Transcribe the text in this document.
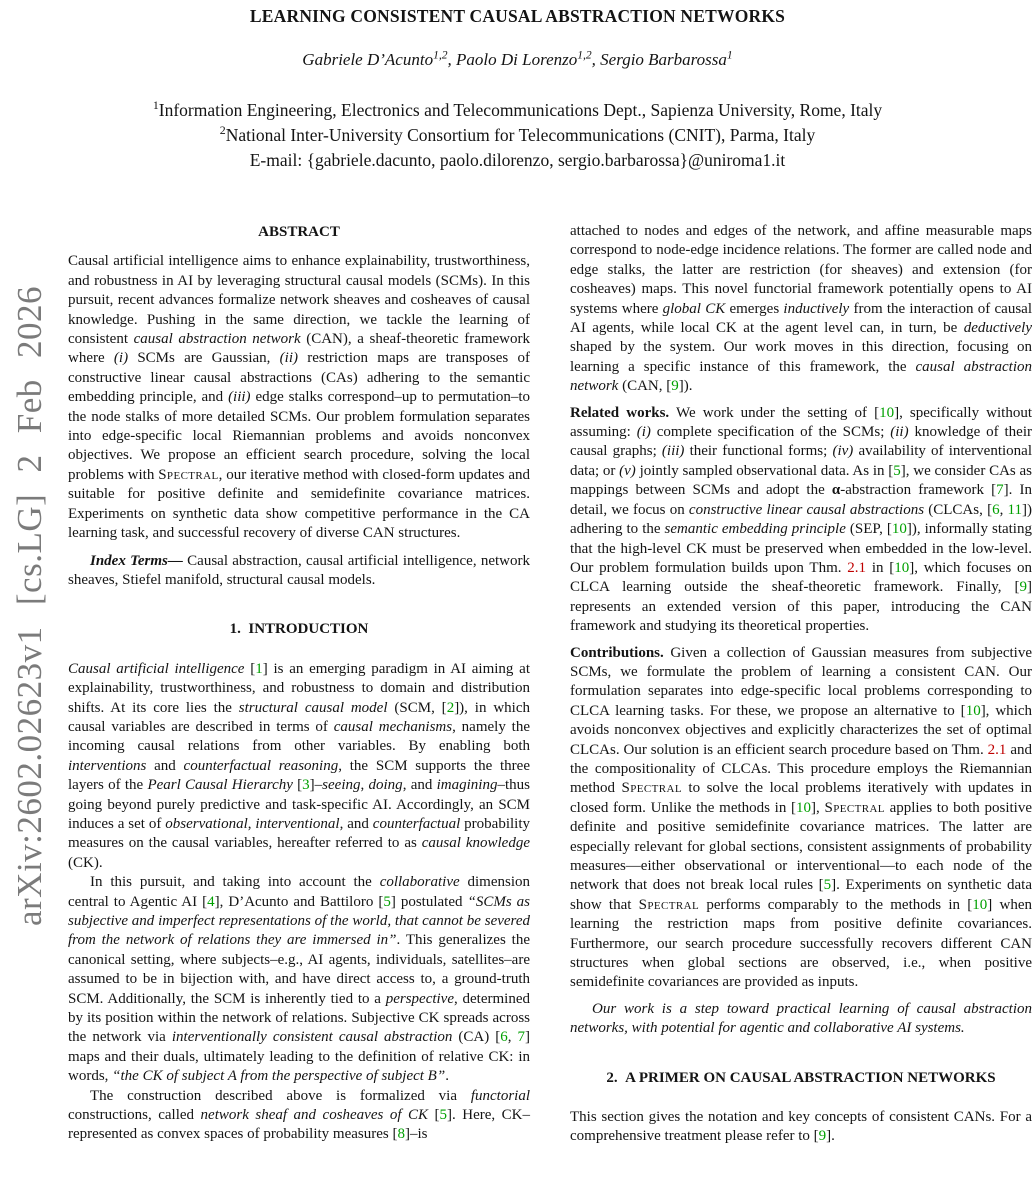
arXiv:2602.02623v1 [cs.LG] 2 Feb 2026
LEARNING CONSISTENT CAUSAL ABSTRACTION NETWORKS
Gabriele D’Acunto$^{1,2}$, Paolo Di Lorenzo$^{1,2}$, Sergio Barbarossa$^1$
$^1$Information Engineering, Electronics and Telecommunications Dept., Sapienza University, Rome, Italy
$^2$National Inter-University Consortium for Telecommunications (CNIT), Parma, Italy
E-mail: {gabriele.dacunto, paolo.dilorenzo, sergio.barbarossa}@uniroma1.it
ABSTRACT

Causal artificial intelligence aims to enhance explainability, trustworthiness, and robustness in AI by leveraging structural causal models (SCMs). In this pursuit, recent advances formalize network sheaves and cosheaves of causal knowledge. Pushing in the same direction, we tackle the learning of consistent causal abstraction network (CAN), a sheaf-theoretic framework where (i) SCMs are Gaussian, (ii) restriction maps are transposes of constructive linear causal abstractions (CAs) adhering to the semantic embedding principle, and (iii) edge stalks correspond–up to permutation–to the node stalks of more detailed SCMs. Our problem formulation separates into edge-specific local Riemannian problems and avoids nonconvex objectives. We propose an efficient search procedure, solving the local problems with Spectral, our iterative method with closed-form updates and suitable for positive definite and semidefinite covariance matrices. Experiments on synthetic data show competitive performance in the CA learning task, and successful recovery of diverse CAN structures.

Index Terms— Causal abstraction, causal artificial intelligence, network sheaves, Stiefel manifold, structural causal models.

1.  INTRODUCTION

Causal artificial intelligence [1] is an emerging paradigm in AI aiming at explainability, trustworthiness, and robustness to domain and distribution shifts. At its core lies the structural causal model (SCM, [2]), in which causal variables are described in terms of causal mechanisms, namely the incoming causal relations from other variables. By enabling both interventions and counterfactual reasoning, the SCM supports the three layers of the Pearl Causal Hierarchy [3]–seeing, doing, and imagining–thus going beyond purely predictive and task-specific AI. Accordingly, an SCM induces a set of observational, interventional, and counterfactual probability measures on the causal variables, hereafter referred to as causal knowledge (CK).

In this pursuit, and taking into account the collaborative dimension central to Agentic AI [4], D’Acunto and Battiloro [5] postulated “SCMs as subjective and imperfect representations of the world, that cannot be severed from the network of relations they are immersed in”. This generalizes the canonical setting, where subjects–e.g., AI agents, individuals, satellites–are assumed to be in bijection with, and have direct access to, a ground-truth SCM. Additionally, the SCM is inherently tied to a perspective, determined by its position within the network of relations. Subjective CK spreads across the network via interventionally consistent causal abstraction (CA) [6, 7] maps and their duals, ultimately leading to the definition of relative CK: in words, “the CK of subject A from the perspective of subject B”.

The construction described above is formalized via functorial constructions, called network sheaf and cosheaves of CK [5]. Here, CK–represented as convex spaces of probability measures [8]–is

attached to nodes and edges of the network, and affine measurable maps correspond to node-edge incidence relations. The former are called node and edge stalks, the latter are restriction (for sheaves) and extension (for cosheaves) maps. This novel functorial framework potentially opens to AI systems where global CK emerges inductively from the interaction of causal AI agents, while local CK at the agent level can, in turn, be deductively shaped by the system. Our work moves in this direction, focusing on learning a specific instance of this framework, the causal abstraction network (CAN, [9]).

Related works. We work under the setting of [10], specifically without assuming: (i) complete specification of the SCMs; (ii) knowledge of their causal graphs; (iii) their functional forms; (iv) availability of interventional data; or (v) jointly sampled observational data. As in [5], we consider CAs as mappings between SCMs and adopt the α-abstraction framework [7]. In detail, we focus on constructive linear causal abstractions (CLCAs, [6, 11]) adhering to the semantic embedding principle (SEP, [10]), informally stating that the high-level CK must be preserved when embedded in the low-level. Our problem formulation builds upon Thm. 2.1 in [10], which focuses on CLCA learning outside the sheaf-theoretic framework. Finally, [9] represents an extended version of this paper, introducing the CAN framework and studying its theoretical properties.

Contributions. Given a collection of Gaussian measures from subjective SCMs, we formulate the problem of learning a consistent CAN. Our formulation separates into edge-specific local problems corresponding to CLCA learning tasks. For these, we propose an alternative to [10], which avoids nonconvex objectives and explicitly characterizes the set of optimal CLCAs. Our solution is an efficient search procedure based on Thm. 2.1 and the compositionality of CLCAs. This procedure employs the Riemannian method Spectral to solve the local problems iteratively with updates in closed form. Unlike the methods in [10], Spectral applies to both positive definite and positive semidefinite covariance matrices. The latter are especially relevant for global sections, consistent assignments of probability measures—either observational or interventional—to each node of the network that does not break local rules [5]. Experiments on synthetic data show that Spectral performs comparably to the methods in [10] when learning the restriction maps from positive definite covariances. Furthermore, our search procedure successfully recovers different CAN structures when global sections are observed, i.e., when positive semidefinite covariances are provided as inputs.

Our work is a step toward practical learning of causal abstraction networks, with potential for agentic and collaborative AI systems.

2.  A PRIMER ON CAUSAL ABSTRACTION NETWORKS

This section gives the notation and key concepts of consistent CANs. For a comprehensive treatment please refer to [9].
